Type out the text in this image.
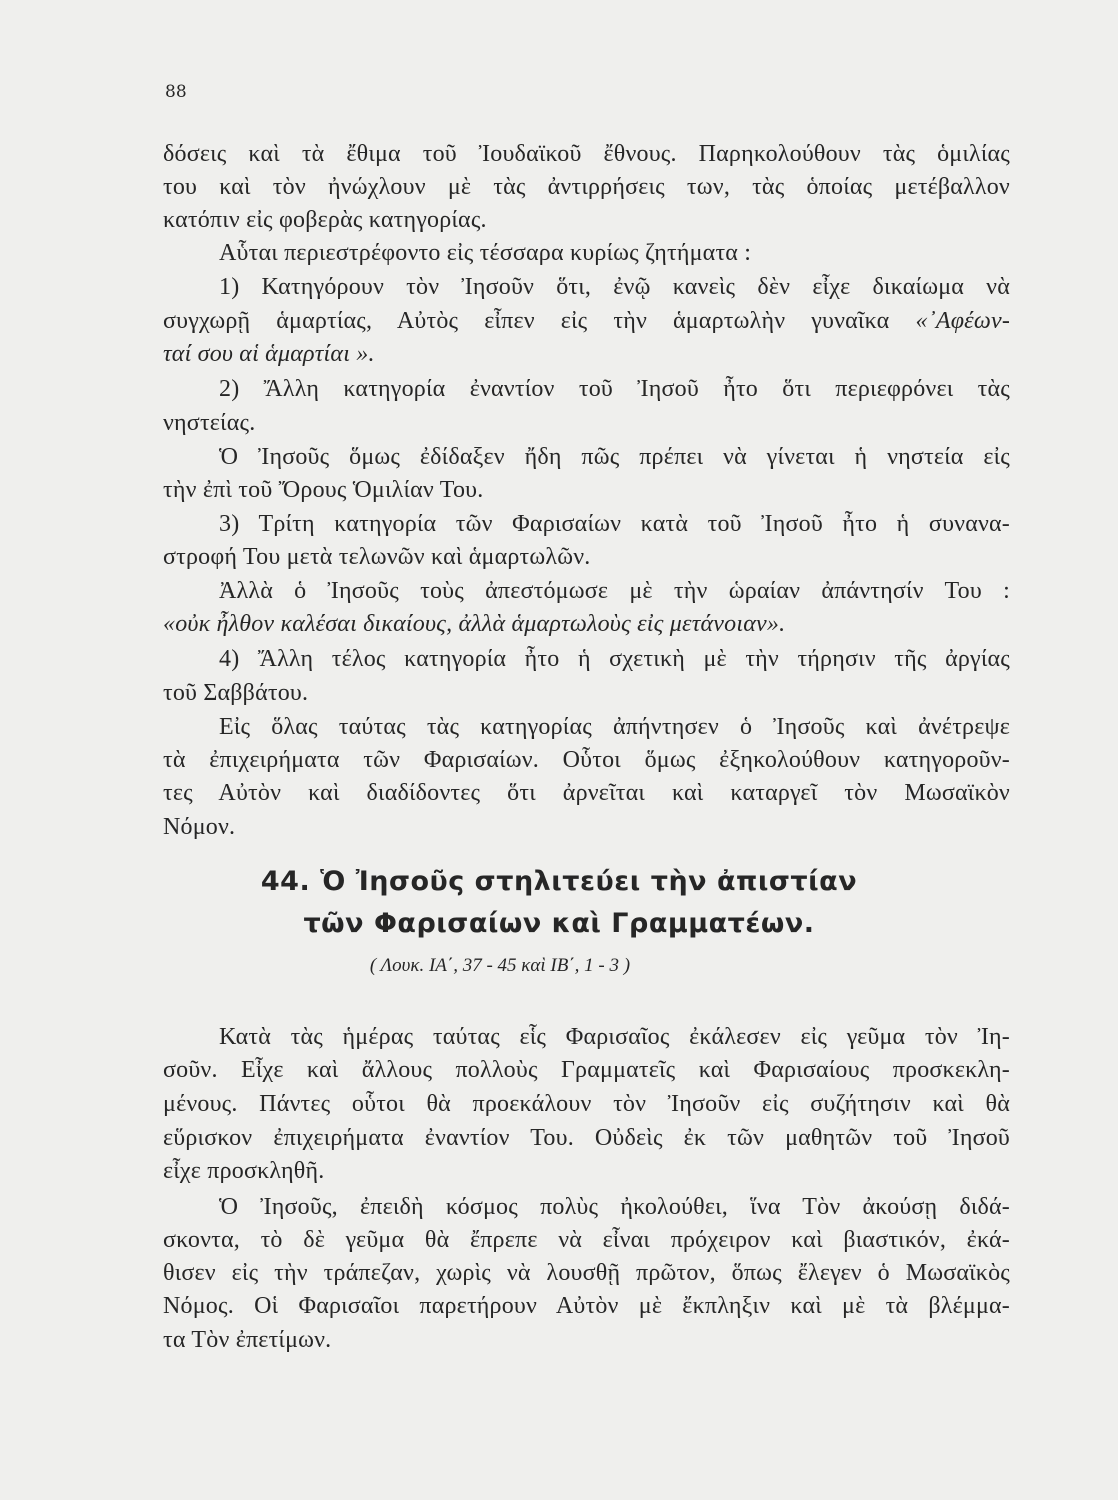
88
δόσεις καὶ τὰ ἔθιμα τοῦ Ἰουδαϊκοῦ ἔθνους. Παρηκολούθουν τὰς ὁμιλίας
του καὶ τὸν ἠνώχλουν μὲ τὰς ἀντιρρήσεις των, τὰς ὁποίας μετέβαλλον
κατόπιν εἰς φοβερὰς κατηγορίας.
Αὗται περιεστρέφοντο εἰς τέσσαρα κυρίως ζητήματα :
1) Κατηγόρουν τὸν Ἰησοῦν ὅτι, ἐνῷ κανεὶς δὲν εἶχε δικαίωμα νὰ
συγχωρῇ ἁμαρτίας, Αὐτὸς εἶπεν εἰς τὴν ἁμαρτωλὴν γυναῖκα «᾽Αφέων-
ταί σου αἱ ἁμαρτίαι ».
2) Ἄλλη κατηγορία ἐναντίον τοῦ Ἰησοῦ ἦτο ὅτι περιεφρόνει τὰς
νηστείας.
Ὁ Ἰησοῦς ὅμως ἐδίδαξεν ἤδη πῶς πρέπει νὰ γίνεται ἡ νηστεία εἰς
τὴν ἐπὶ τοῦ Ὄρους Ὁμιλίαν Του.
3) Τρίτη κατηγορία τῶν Φαρισαίων κατὰ τοῦ Ἰησοῦ ἦτο ἡ συνανα-
στροφή Του μετὰ τελωνῶν καὶ ἁμαρτωλῶν.
Ἀλλὰ ὁ Ἰησοῦς τοὺς ἀπεστόμωσε μὲ τὴν ὡραίαν ἀπάντησίν Του :
«οὐκ ἦλθον καλέσαι δικαίους, ἀλλὰ ἁμαρτωλοὺς εἰς μετάνοιαν».
4) Ἄλλη τέλος κατηγορία ἦτο ἡ σχετικὴ μὲ τὴν τήρησιν τῆς ἀργίας
τοῦ Σαββάτου.
Εἰς ὅλας ταύτας τὰς κατηγορίας ἀπήντησεν ὁ Ἰησοῦς καὶ ἀνέτρεψε
τὰ ἐπιχειρήματα τῶν Φαρισαίων. Οὗτοι ὅμως ἐξηκολούθουν κατηγοροῦν-
τες Αὐτὸν καὶ διαδίδοντες ὅτι ἀρνεῖται καὶ καταργεῖ τὸν Μωσαϊκὸν
Νόμον.
44. Ὁ Ἰησοῦς στηλιτεύει τὴν ἀπιστίαν
τῶν Φαρισαίων καὶ Γραμματέων.
( Λουκ. ΙΑ΄, 37 - 45 καὶ ΙΒ΄, 1 - 3 )
Κατὰ τὰς ἡμέρας ταύτας εἷς Φαρισαῖος ἐκάλεσεν εἰς γεῦμα τὸν Ἰη-
σοῦν. Εἶχε καὶ ἄλλους πολλοὺς Γραμματεῖς καὶ Φαρισαίους προσκεκλη-
μένους. Πάντες οὗτοι θὰ προεκάλουν τὸν Ἰησοῦν εἰς συζήτησιν καὶ θὰ
εὕρισκον ἐπιχειρήματα ἐναντίον Του. Οὐδεὶς ἐκ τῶν μαθητῶν τοῦ Ἰησοῦ
εἶχε προσκληθῆ.
Ὁ Ἰησοῦς, ἐπειδὴ κόσμος πολὺς ἠκολούθει, ἵνα Τὸν ἀκούσῃ διδά-
σκοντα, τὸ δὲ γεῦμα θὰ ἔπρεπε νὰ εἶναι πρόχειρον καὶ βιαστικόν, ἐκά-
θισεν εἰς τὴν τράπεζαν, χωρὶς νὰ λουσθῇ πρῶτον, ὅπως ἔλεγεν ὁ Μωσαϊκὸς
Νόμος. Οἱ Φαρισαῖοι παρετήρουν Αὐτὸν μὲ ἔκπληξιν καὶ μὲ τὰ βλέμμα-
τα Τὸν ἐπετίμων.
